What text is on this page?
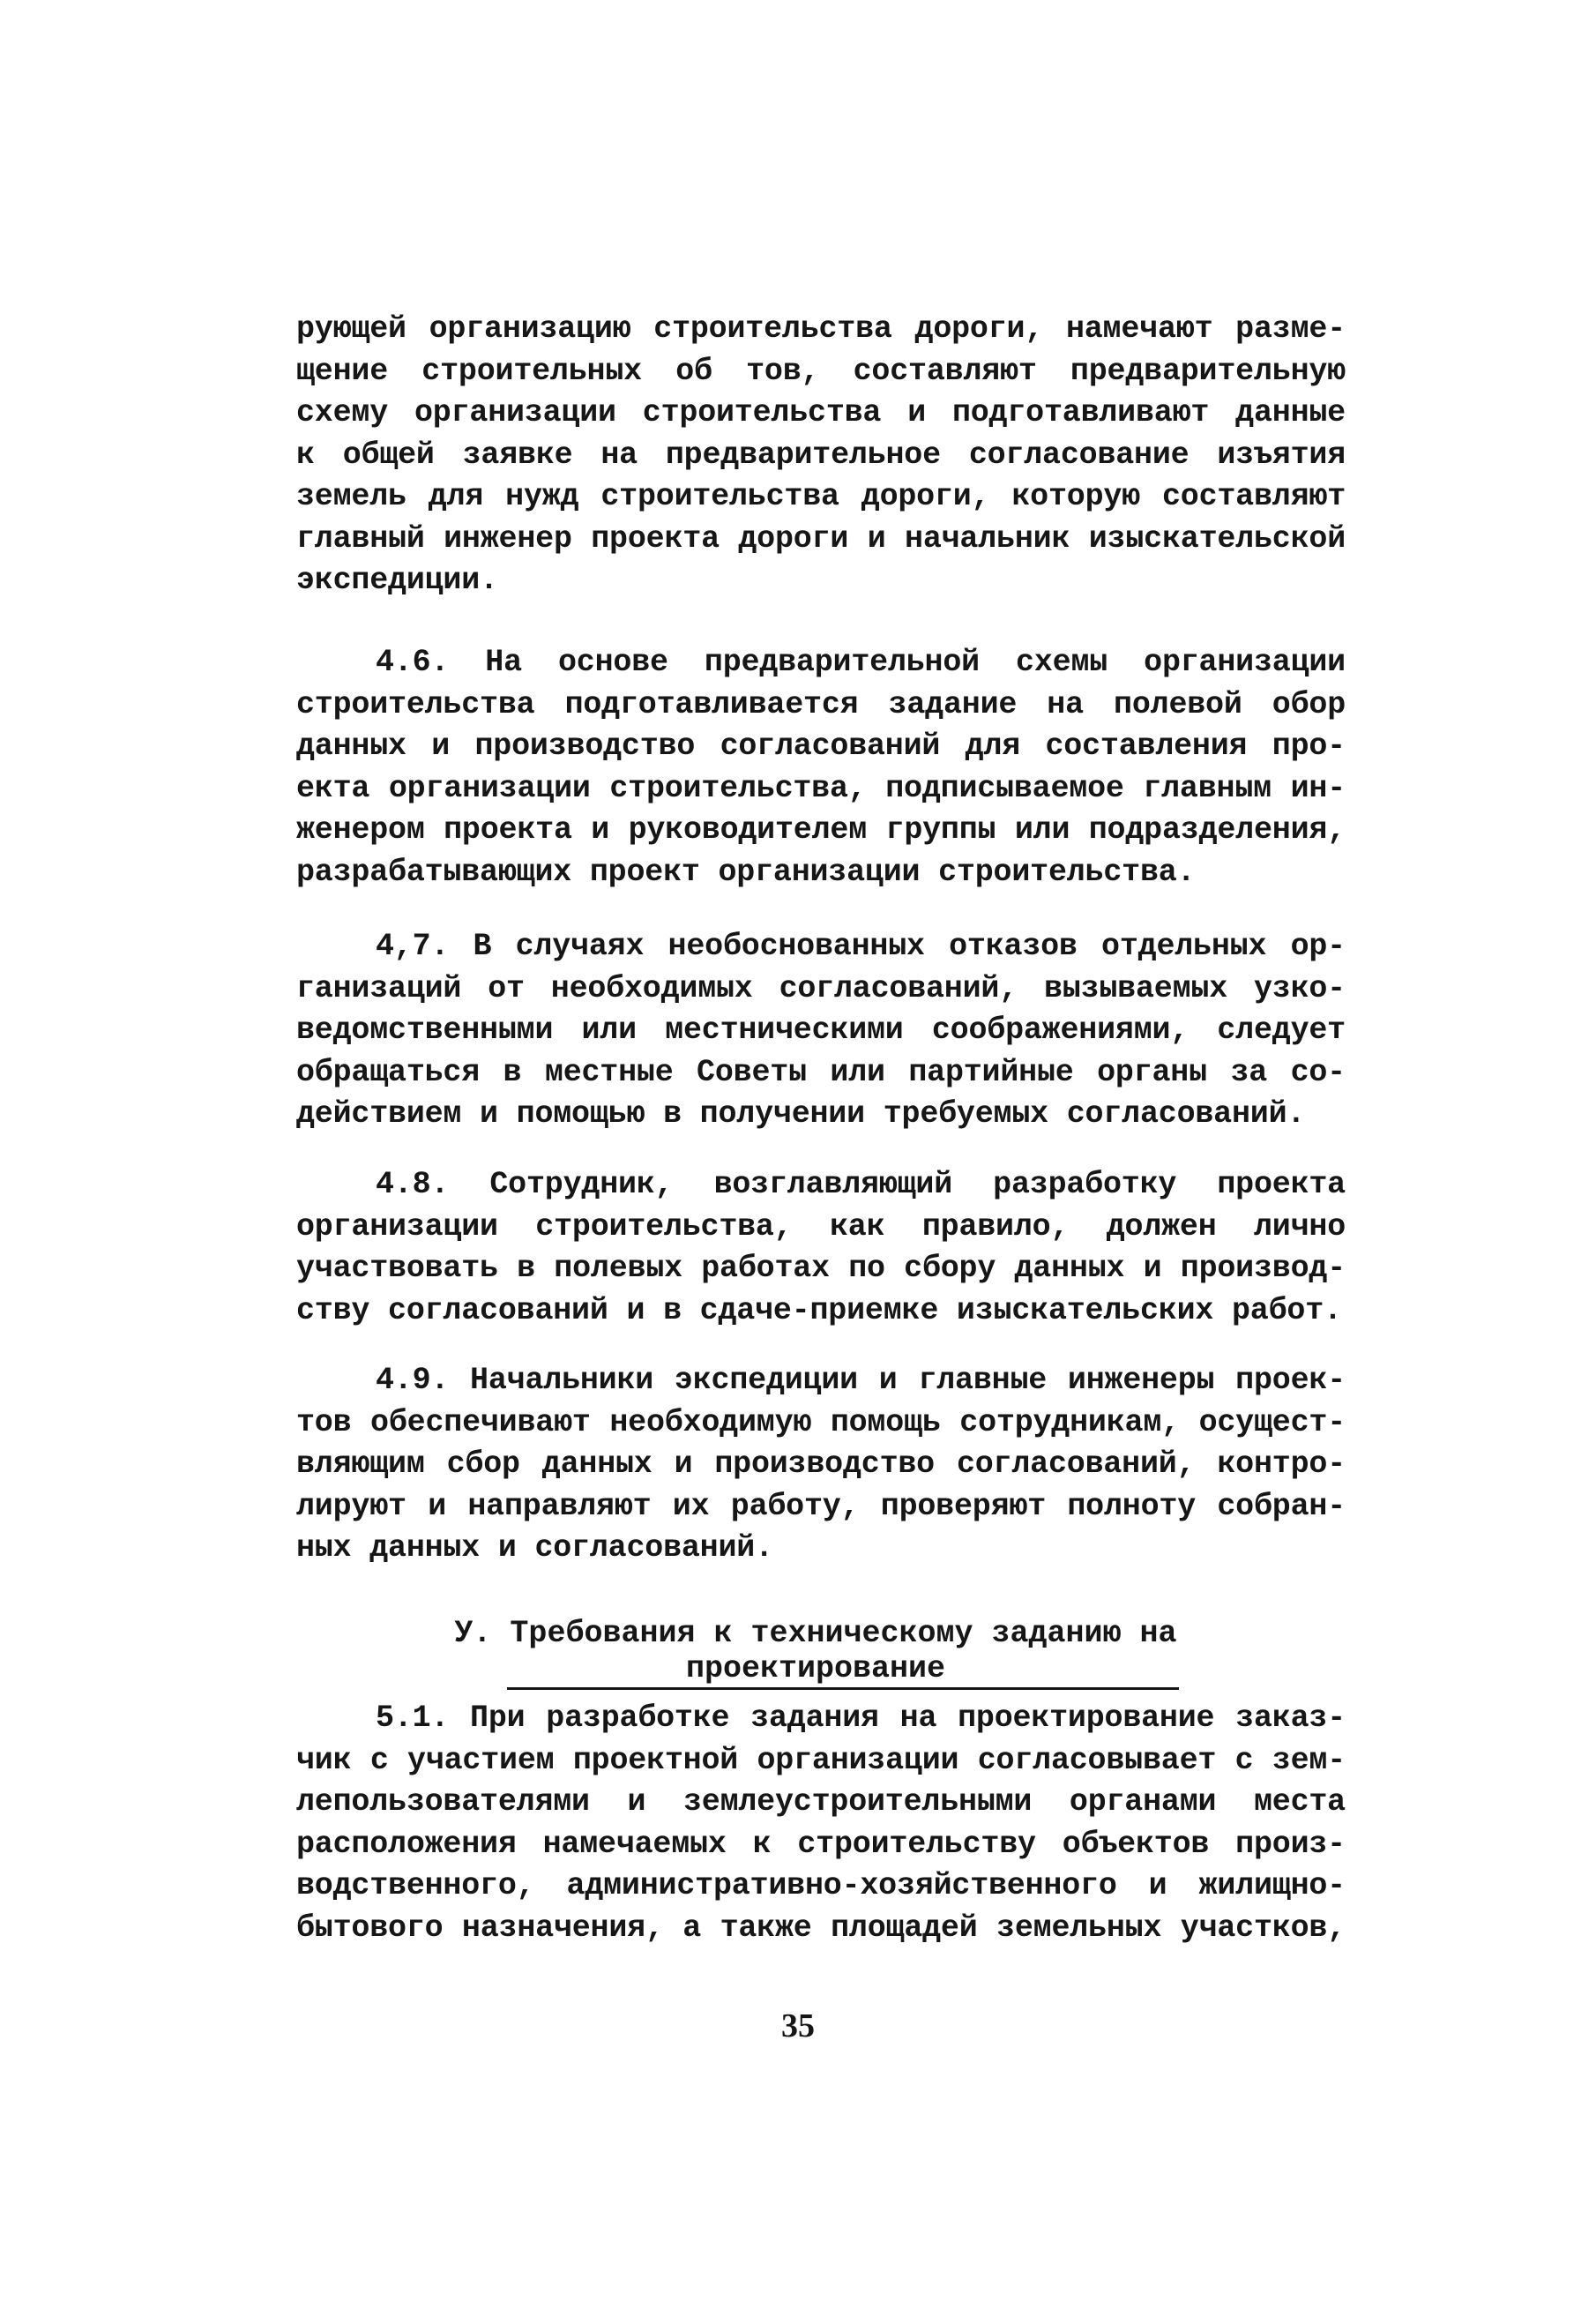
рующей организацию строительства дороги, намечают разме-
щение строительных об тов, составляют предварительную
схему организации строительства и подготавливают данные
к общей заявке на предварительное согласование изъятия
земель для нужд строительства дороги, которую составляют
главный инженер проекта дороги и начальник изыскательской
экспедиции.
4.6. На основе предварительной схемы организации
строительства подготавливается задание на полевой обор
данных и производство согласований для составления про-
екта организации строительства, подписываемое главным ин-
женером проекта и руководителем группы или подразделения,
разрабатывающих проект организации строительства.
4,7. В случаях необоснованных отказов отдельных ор-
ганизаций от необходимых согласований, вызываемых узко-
ведомственными или местническими соображениями, следует
обращаться в местные Советы или партийные органы за со-
действием и помощью в получении требуемых согласований.
4.8. Сотрудник, возглавляющий разработку проекта
организации строительства, как правило, должен лично
участвовать в полевых работах по сбору данных и производ-
ству согласований и в сдаче-приемке изыскательских работ.
4.9. Начальники экспедиции и главные инженеры проек-
тов обеспечивают необходимую помощь сотрудникам, осущест-
вляющим сбор данных и производство согласований, контро-
лируют и направляют их работу, проверяют полноту собран-
ных данных и согласований.
У. Требования к техническому заданию на
проектирование
5.1. При разработке задания на проектирование заказ-
чик с участием проектной организации согласовывает с зем-
лепользователями и землеустроительными органами места
расположения намечаемых к строительству объектов произ-
водственного, административно-хозяйственного и жилищно-
бытового назначения, а также площадей земельных участков,
35
